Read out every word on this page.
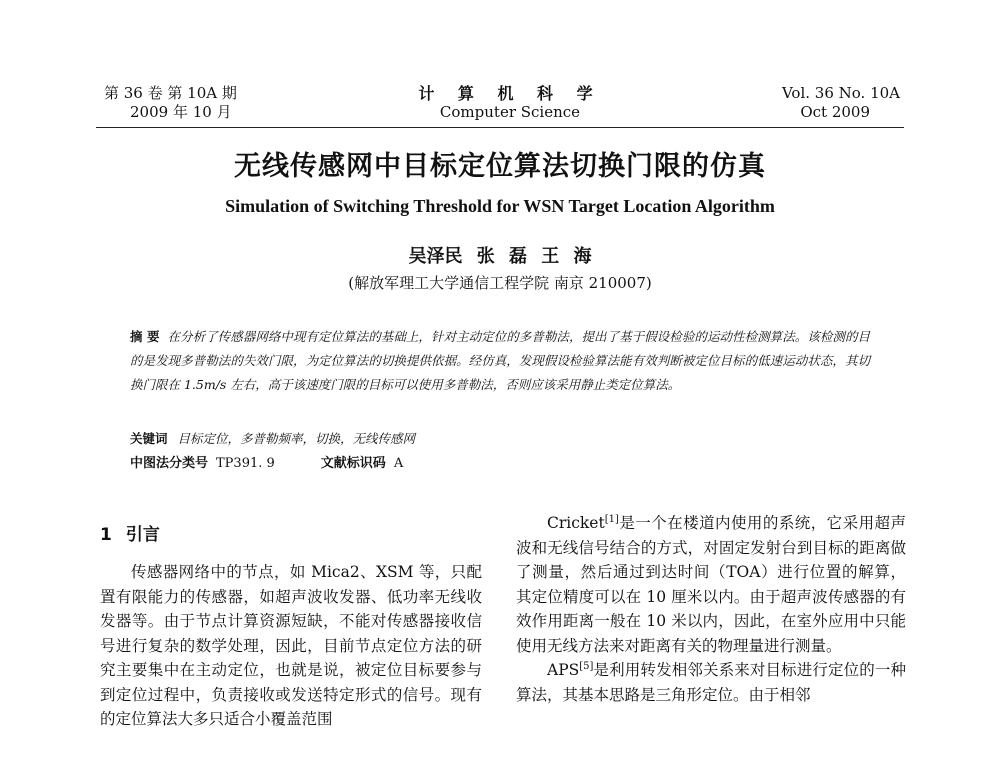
第 36 卷 第 10A 期
2009 年 10 月
计 算 机 科 学
Computer Science
Vol. 36 No. 10A
Oct 2009
无线传感网中目标定位算法切换门限的仿真
Simulation of Switching Threshold for WSN Target Location Algorithm
吴泽民 张 磊 王 海
(解放军理工大学通信工程学院 南京 210007)
摘 要 在分析了传感器网络中现有定位算法的基础上，针对主动定位的多普勒法，提出了基于假设检验的运动性检测算法。该检测的目的是发现多普勒法的失效门限，为定位算法的切换提供依据。经仿真，发现假设检验算法能有效判断被定位目标的低速运动状态，其切换门限在 1.5m/s 左右，高于该速度门限的目标可以使用多普勒法，否则应该采用静止类定位算法。
关键词 目标定位，多普勒频率，切换，无线传感网
中图法分类号 TP391. 9	文献标识码 A
1 引言

传感器网络中的节点，如 Mica2、XSM 等，只配置有限能力的传感器，如超声波收发器、低功率无线收发器等。由于节点计算资源短缺，不能对传感器接收信号进行复杂的数学处理，因此，目前节点定位方法的研究主要集中在主动定位，也就是说，被定位目标要参与到定位过程中，负责接收或发送特定形式的信号。现有的定位算法大多只适合小覆盖范围

Cricket[1]是一个在楼道内使用的系统，它采用超声波和无线信号结合的方式，对固定发射台到目标的距离做了测量，然后通过到达时间（TOA）进行位置的解算，其定位精度可以在 10 厘米以内。由于超声波传感器的有效作用距离一般在 10 米以内，因此，在室外应用中只能使用无线方法来对距离有关的物理量进行测量。

APS[5]是利用转发相邻关系来对目标进行定位的一种算法，其基本思路是三角形定位。由于相邻
